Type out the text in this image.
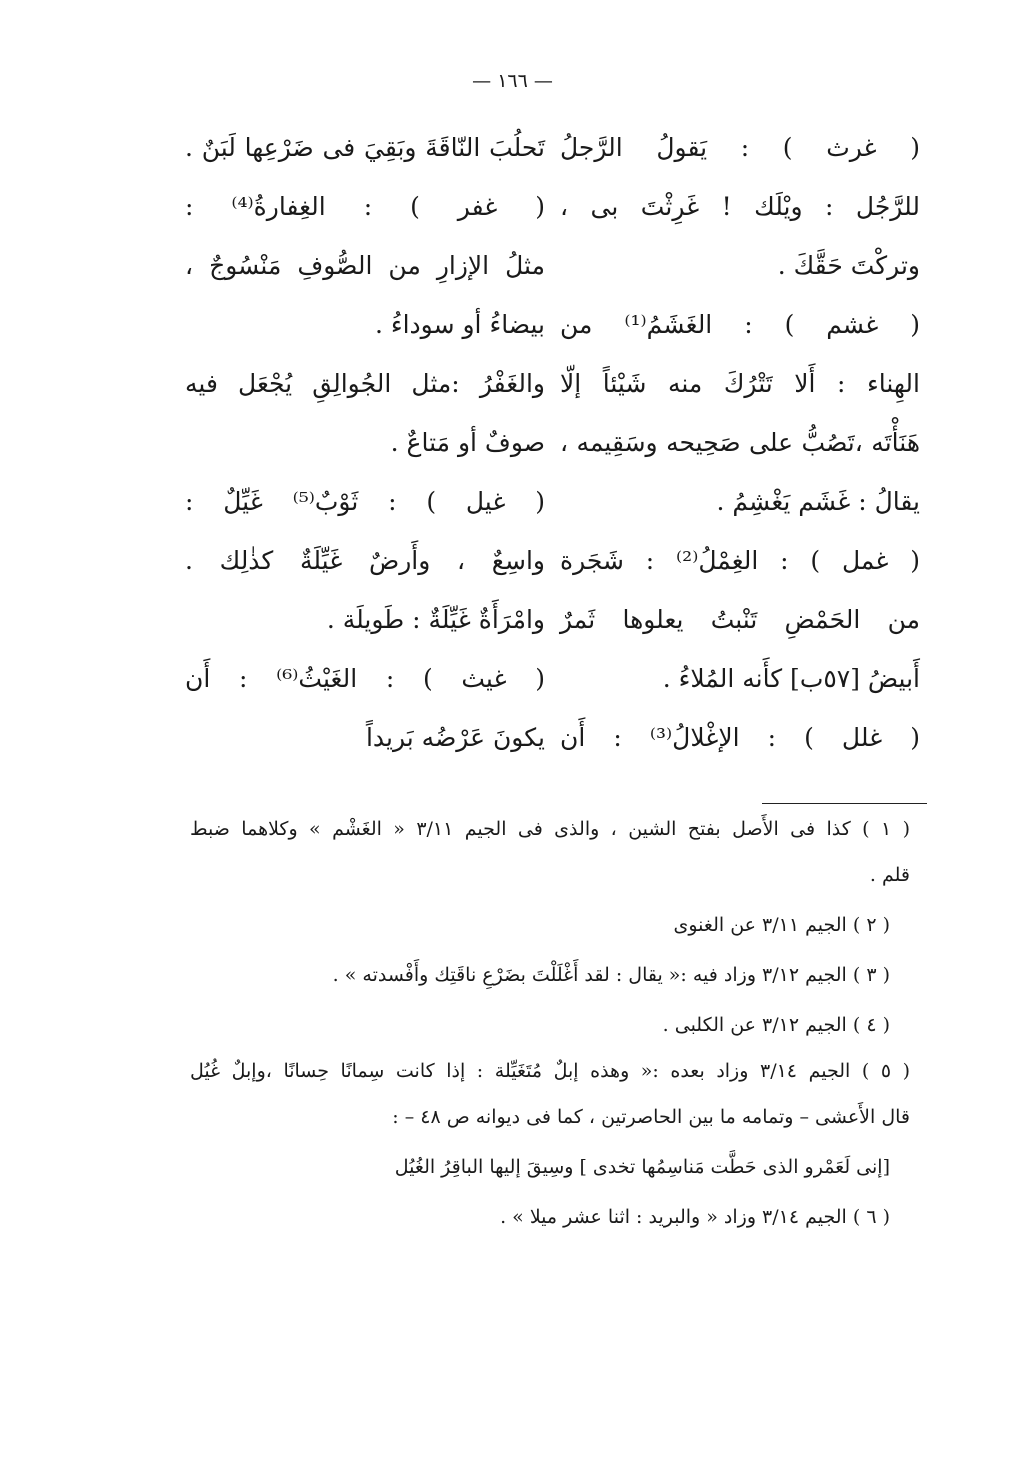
— ١٦٦ —
( غرث ) : يَقولُ الرَّجلُ
للرَّجُل : ويْلَك ! غَرِثْتَ بى ،
وتركْتَ حَقَّكَ .
( غشم ) : الغَشَمُ⁽¹⁾ من
الهِناء : أَلا تَتْرُكَ منه شَيْئاً إلّا
هَنَأْتَه ،تَصُبُّ على صَحِيحه وسَقِيمه ،
يقالُ : غَشَم يَغْشِمُ .
( غمل ) : الغِمْلُ⁽²⁾ : شَجَرة
من الحَمْضِ تَنْبتُ يعلوها ثَمرٌ
أَبيضُ [٥٧ب] كأَنه المُلاءُ .
( غلل ) : الإغْلالُ⁽³⁾ : أَن
تَحلُبَ النّاقَةَ وبَقِيَ فى ضَرْعِها لَبَنٌ .
( غفر ) : الغِفارةُ⁽⁴⁾ :
مثلُ الإزارِ من الصُّوفِ مَنْسُوجٌ ،
بيضاءُ أو سوداءُ .
والغَفْرُ :مثل الجُوالِقِ يُجْعَل فيه
صوفٌ أو مَتاعٌ .
( غيل ) : ثَوْبٌ⁽⁵⁾ غَيِّلٌ :
واسِعٌ ، وأَرضٌ غَيِّلَةٌ كذٰلِك .
وامْرَأَةٌ غَيِّلَةٌ : طَويلَة .
( غيث ) : الغَيْثُ⁽⁶⁾ : أَن
يكونَ عَرْضُه بَريداً
( ١ ) كذا فى الأَصل بفتح الشين ، والذى فى الجيم ٣/١١ « الغَشْم » وكلاهما ضبط
قلم .
( ٢ ) الجيم ٣/١١ عن الغنوى
( ٣ ) الجيم ٣/١٢ وزاد فيه :« يقال : لقد أَغْلَلْتَ بضَرْعِ ناقَتِك وأَفْسدته » .
( ٤ ) الجيم ٣/١٢ عن الكلبى .
( ٥ ) الجيم ٣/١٤ وزاد بعده :« وهذه إبلٌ مُتَغَيِّلة : إذا كانت سِمانًا حِسانًا ،وإبلٌ غُيُل
قال الأَعشى – وتمامه ما بين الحاصرتين ، كما فى ديوانه ص ٤٨ – :
[إنى لَعَمْرو الذى حَطَّت مَناسِمُها تخدى ] وسِيقَ إليها الباقِرُ الغُيُل
( ٦ ) الجيم ٣/١٤ وزاد « والبريد : اثنا عشر ميلا » .
